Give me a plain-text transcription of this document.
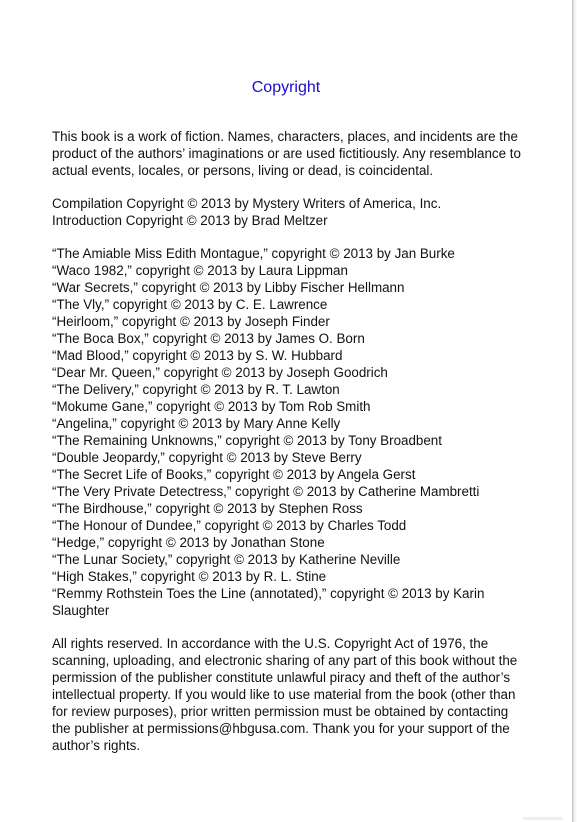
Copyright

This book is a work of fiction. Names, characters, places, and incidents are the product of the authors’ imaginations or are used fictitiously. Any resemblance to actual events, locales, or persons, living or dead, is coincidental.

Compilation Copyright © 2013 by Mystery Writers of America, Inc.
Introduction Copyright © 2013 by Brad Meltzer
“The Amiable Miss Edith Montague,” copyright © 2013 by Jan Burke
“Waco 1982,” copyright © 2013 by Laura Lippman
“War Secrets,” copyright © 2013 by Libby Fischer Hellmann
“The Vly,” copyright © 2013 by C. E. Lawrence
“Heirloom,” copyright © 2013 by Joseph Finder
“The Boca Box,” copyright © 2013 by James O. Born
“Mad Blood,” copyright © 2013 by S. W. Hubbard
“Dear Mr. Queen,” copyright © 2013 by Joseph Goodrich
“The Delivery,” copyright © 2013 by R. T. Lawton
“Mokume Gane,” copyright © 2013 by Tom Rob Smith
“Angelina,” copyright © 2013 by Mary Anne Kelly
“The Remaining Unknowns,” copyright © 2013 by Tony Broadbent
“Double Jeopardy,” copyright © 2013 by Steve Berry
“The Secret Life of Books,” copyright © 2013 by Angela Gerst
“The Very Private Detectress,” copyright © 2013 by Catherine Mambretti
“The Birdhouse,” copyright © 2013 by Stephen Ross
“The Honour of Dundee,” copyright © 2013 by Charles Todd
“Hedge,” copyright © 2013 by Jonathan Stone
“The Lunar Society,” copyright © 2013 by Katherine Neville
“High Stakes,” copyright © 2013 by R. L. Stine
“Remmy Rothstein Toes the Line (annotated),” copyright © 2013 by Karin Slaughter

All rights reserved. In accordance with the U.S. Copyright Act of 1976, the scanning, uploading, and electronic sharing of any part of this book without the permission of the publisher constitute unlawful piracy and theft of the author’s intellectual property. If you would like to use material from the book (other than for review purposes), prior written permission must be obtained by contacting the publisher at permissions@hbgusa.com. Thank you for your support of the author’s rights.
